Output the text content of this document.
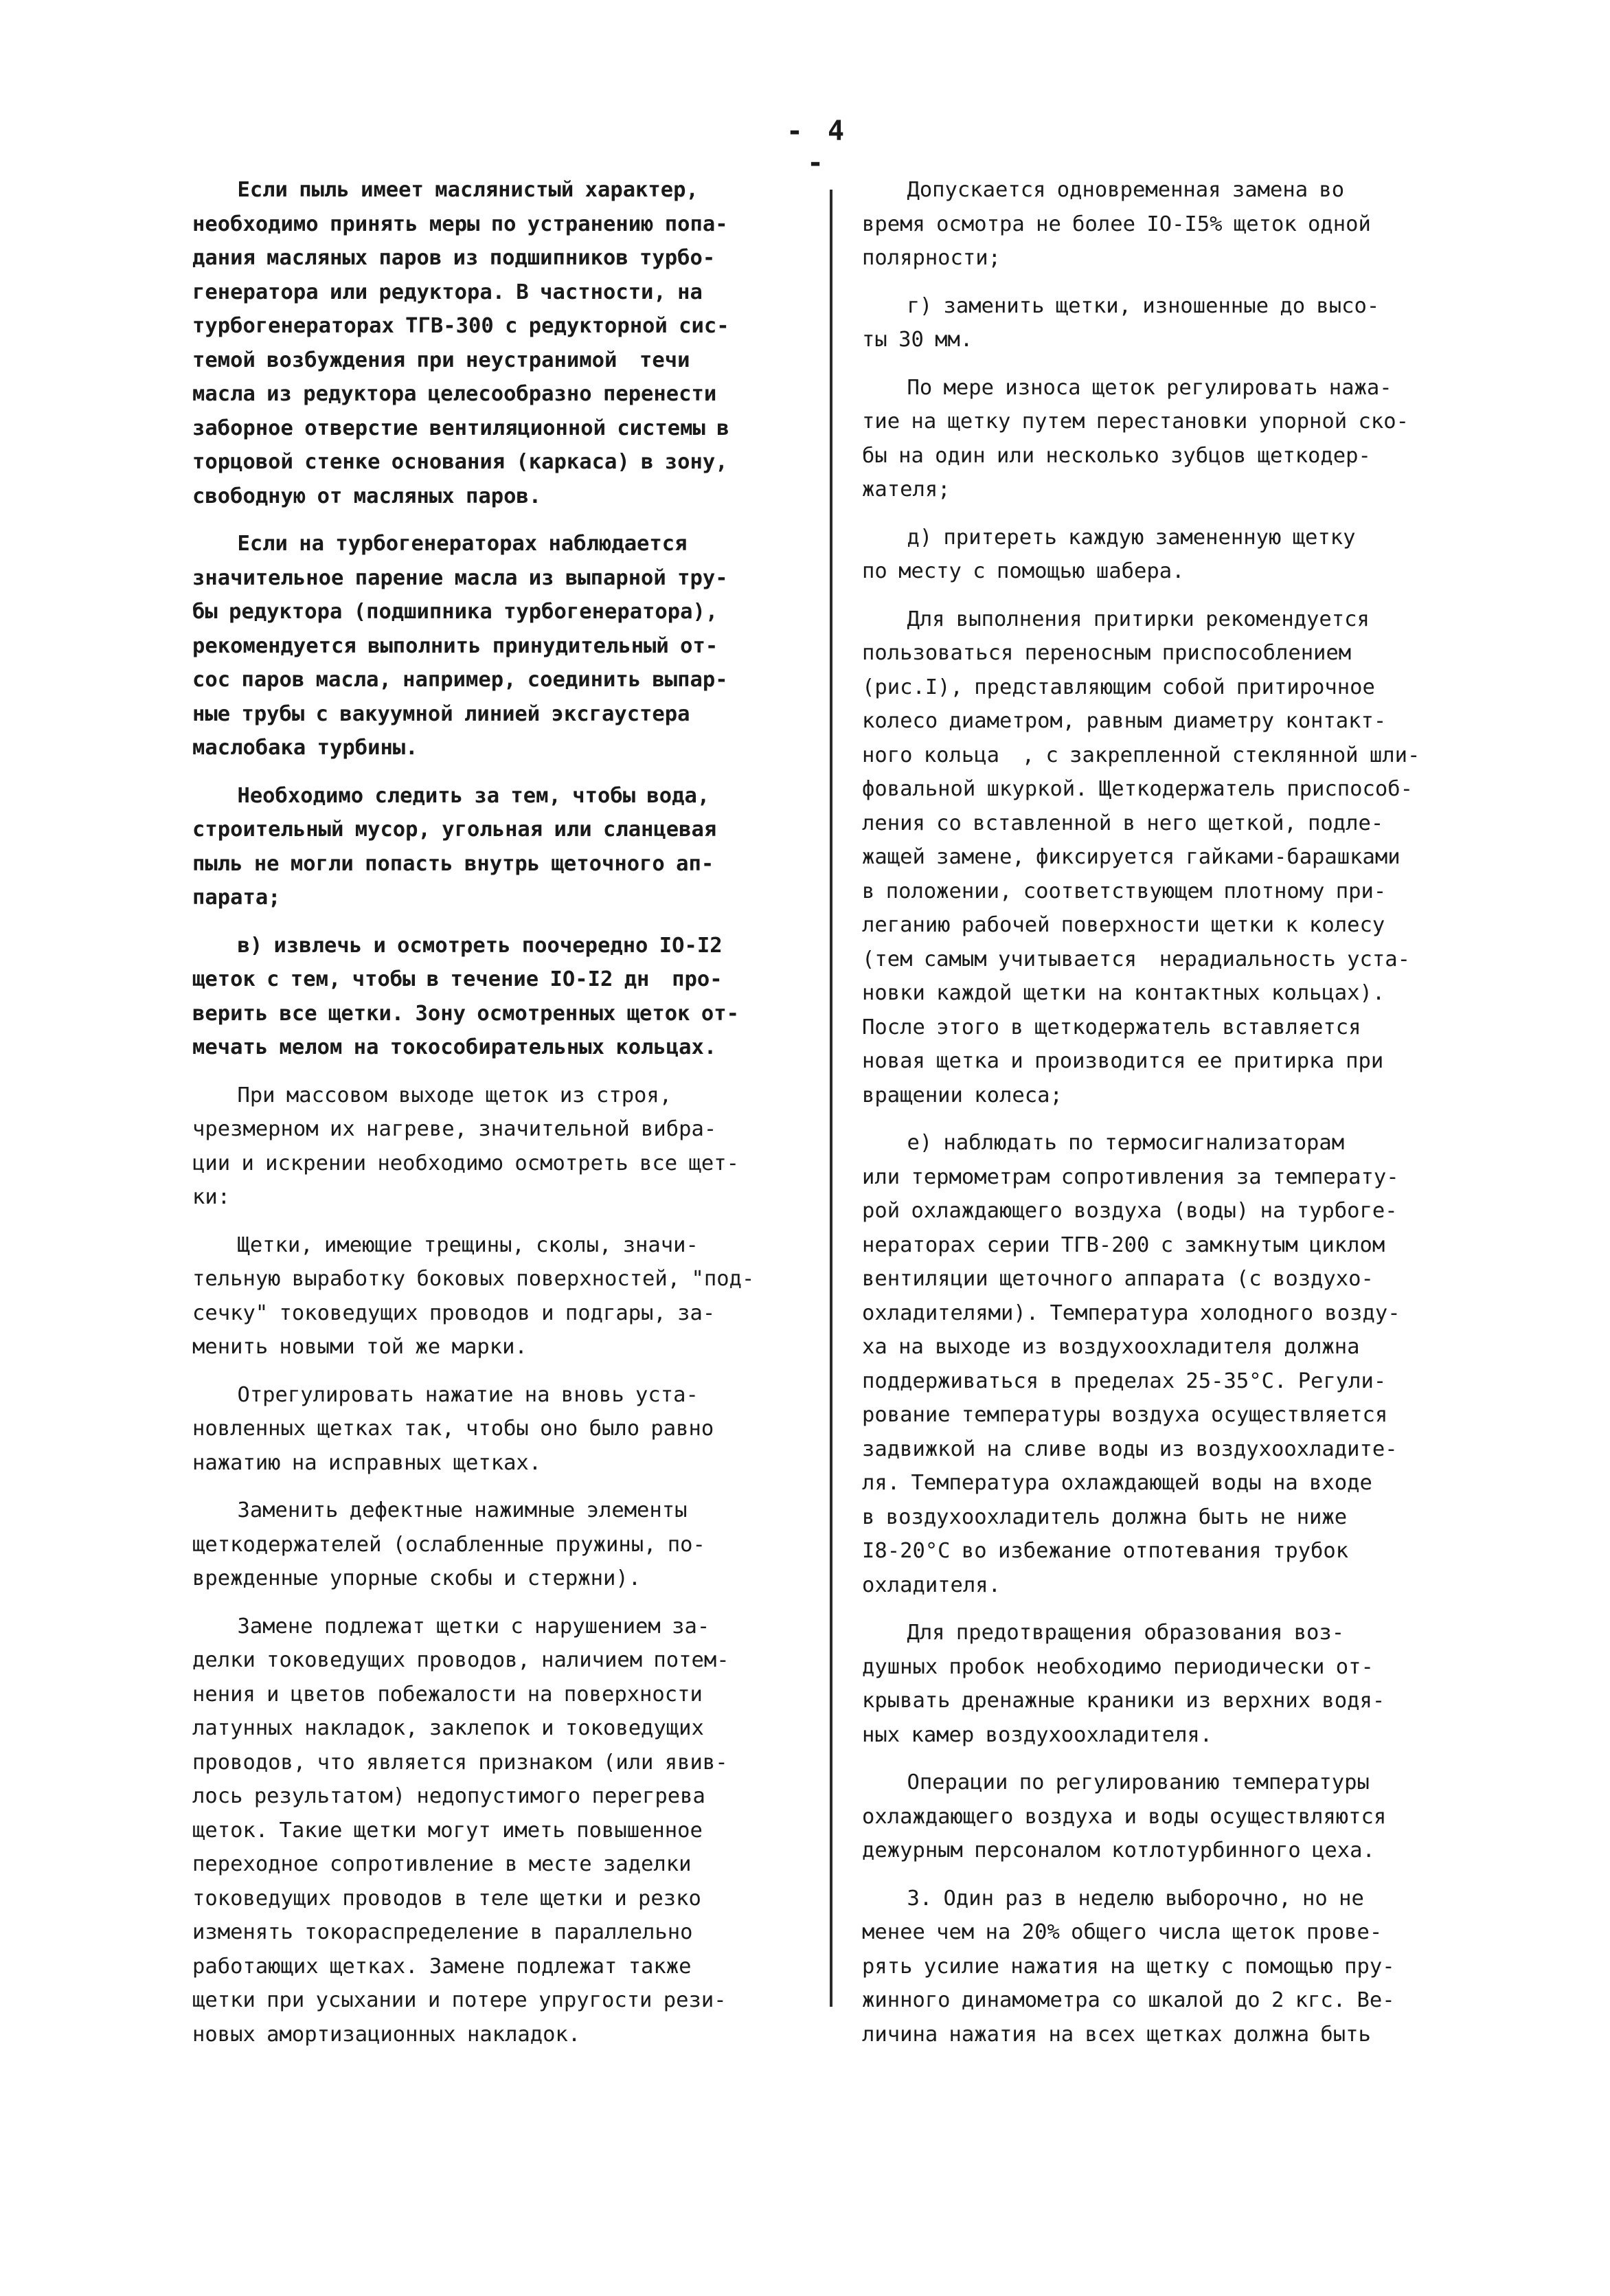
- 4 -

Если пыль имеет маслянистый характер,
необходимо принять меры по устранению попа-
дания масляных паров из подшипников турбо-
генератора или редуктора. В частности, на
турбогенераторах ТГВ-300 с редукторной сис-
темой возбуждения при неустранимой  течи
масла из редуктора целесообразно перенести
заборное отверстие вентиляционной системы в
торцовой стенке основания (каркаса) в зону,
свободную от масляных паров.

Если на турбогенераторах наблюдается
значительное парение масла из выпарной тру-
бы редуктора (подшипника турбогенератора),
рекомендуется выполнить принудительный от-
сос паров масла, например, соединить выпар-
ные трубы с вакуумной линией эксгаустера
маслобака турбины.

Необходимо следить за тем, чтобы вода,
строительный мусор, угольная или сланцевая
пыль не могли попасть внутрь щеточного ап-
парата;

в) извлечь и осмотреть поочередно IO-I2
щеток с тем, чтобы в течение IO-I2 дн  про-
верить все щетки. Зону осмотренных щеток от-
мечать мелом на токособирательных кольцах.

При массовом выходе щеток из строя,
чрезмерном их нагреве, значительной вибра-
ции и искрении необходимо осмотреть все щет-
ки:

Щетки, имеющие трещины, сколы, значи-
тельную выработку боковых поверхностей, "под-
сечку" токоведущих проводов и подгары, за-
менить новыми той же марки.

Отрегулировать нажатие на вновь уста-
новленных щетках так, чтобы оно было равно
нажатию на исправных щетках.

Заменить дефектные нажимные элементы
щеткодержателей (ослабленные пружины, по-
врежденные упорные скобы и стержни).

Замене подлежат щетки с нарушением за-
делки токоведущих проводов, наличием потем-
нения и цветов побежалости на поверхности
латунных накладок, заклепок и токоведущих
проводов, что является признаком (или явив-
лось результатом) недопустимого перегрева
щеток. Такие щетки могут иметь повышенное
переходное сопротивление в месте заделки
токоведущих проводов в теле щетки и резко
изменять токораспределение в параллельно
работающих щетках. Замене подлежат также
щетки при усыхании и потере упругости рези-
новых амортизационных накладок.

Допускается одновременная замена во
время осмотра не более IO-I5% щеток одной
полярности;

г) заменить щетки, изношенные до высо-
ты 30 мм.

По мере износа щеток регулировать нажа-
тие на щетку путем перестановки упорной ско-
бы на один или несколько зубцов щеткодер-
жателя;

д) притереть каждую замененную щетку
по месту с помощью шабера.

Для выполнения притирки рекомендуется
пользоваться переносным приспособлением
(рис.I), представляющим собой притирочное
колесо диаметром, равным диаметру контакт-
ного кольца  , с закрепленной стеклянной шли-
фовальной шкуркой. Щеткодержатель приспособ-
ления со вставленной в него щеткой, подле-
жащей замене, фиксируется гайками-барашками
в положении, соответствующем плотному при-
леганию рабочей поверхности щетки к колесу
(тем самым учитывается  нерадиальность уста-
новки каждой щетки на контактных кольцах).
После этого в щеткодержатель вставляется
новая щетка и производится ее притирка при
вращении колеса;

е) наблюдать по термосигнализаторам
или термометрам сопротивления за температу-
рой охлаждающего воздуха (воды) на турбоге-
нераторах серии ТГВ-200 с замкнутым циклом
вентиляции щеточного аппарата (с воздухо-
охладителями). Температура холодного возду-
ха на выходе из воздухоохладителя должна
поддерживаться в пределах 25-35°С. Регули-
рование температуры воздуха осуществляется
задвижкой на сливе воды из воздухоохладите-
ля. Температура охлаждающей воды на входе
в воздухоохладитель должна быть не ниже
I8-20°С во избежание отпотевания трубок
охладителя.

Для предотвращения образования воз-
душных пробок необходимо периодически от-
крывать дренажные краники из верхних водя-
ных камер воздухоохладителя.

Операции по регулированию температуры
охлаждающего воздуха и воды осуществляются
дежурным персоналом котлотурбинного цеха.

3. Один раз в неделю выборочно, но не
менее чем на 20% общего числа щеток прове-
рять усилие нажатия на щетку с помощью пру-
жинного динамометра со шкалой до 2 кгс. Ве-
личина нажатия на всех щетках должна быть
